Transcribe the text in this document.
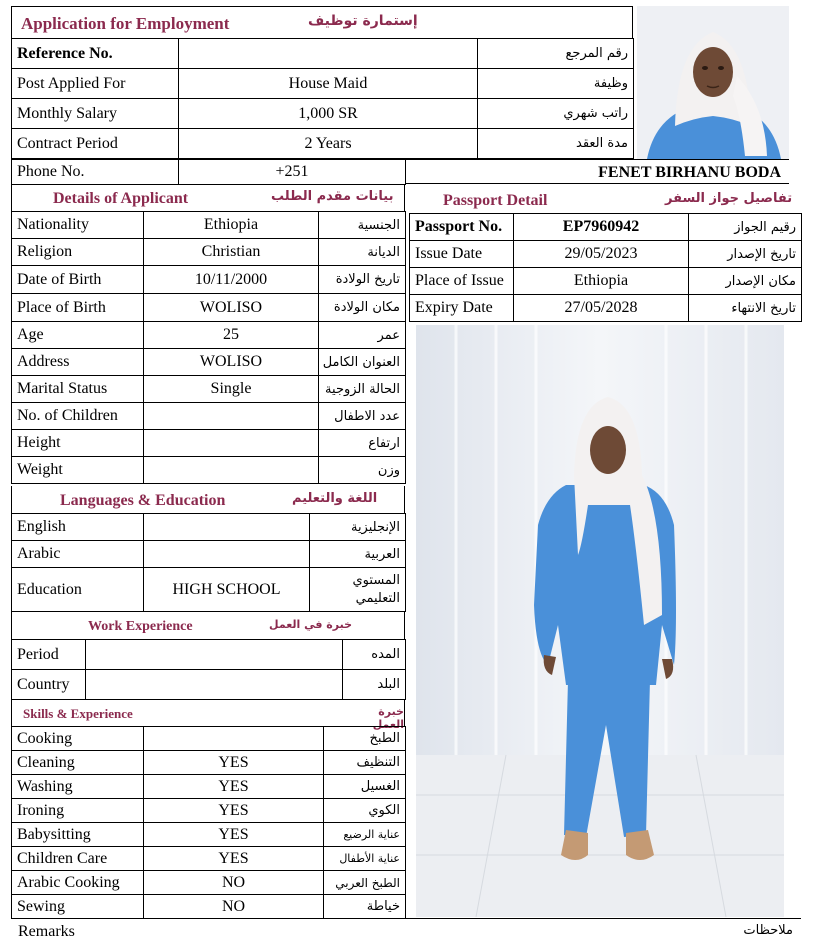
Application for Employment	إستمارة توظيف
Reference No.		رقم المرجع
Post Applied For	House Maid	وظيفة
Monthly Salary	1,000 SR	راتب شهري
Contract Period	2 Years	مدة العقد
Phone No.	+251	FENET BIRHANU BODA
Details of Applicant	بيانات مقدم الطلب
Nationality	Ethiopia	الجنسية
Religion	Christian	الديانة
Date of Birth	10/11/2000	تاريخ الولادة
Place of Birth	WOLISO	مكان الولادة
Age	25	عمر
Address	WOLISO	العنوان الكامل
Marital Status	Single	الحالة الزوجية
No. of Children		عدد الاطفال
Height		ارتفاع
Weight		وزن
Languages & Education	اللغة والتعليم
English		الإنجليزية
Arabic		العربية
Education	HIGH SCHOOL	المستوي
التعليمي
Work Experience	خبرة في العمل
Period		المده
Country		البلد
Skills & Experience	خبرة العمل
Cooking		الطبخ
Cleaning	YES	التنظيف
Washing	YES	الغسيل
Ironing	YES	الكوي
Babysitting	YES	عناية الرضيع
Children Care	YES	عناية الأطفال
Arabic Cooking	NO	الطبخ العربي
Sewing	NO	خياطة
Passport Detail	تفاصيل جواز السفر
Passport No.	EP7960942	رقيم الجواز
Issue Date	29/05/2023	تاريخ الإصدار
Place of Issue	Ethiopia	مكان الإصدار
Expiry Date	27/05/2028	تاريخ الانتهاء
Remarks	ملاحظات
